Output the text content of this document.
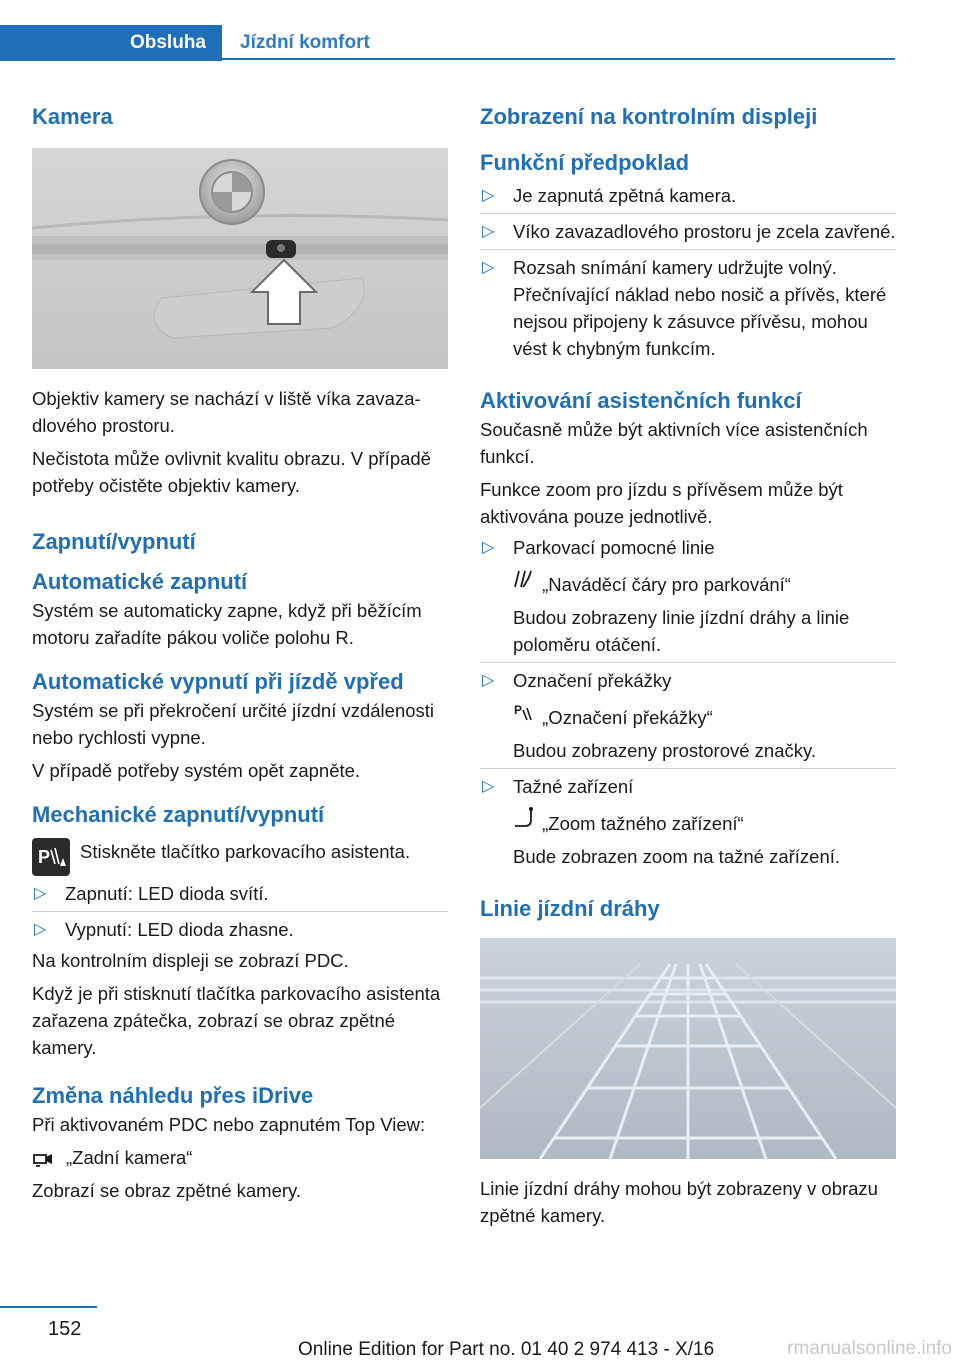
Obsluha	Jízdní komfort
Kamera
Objektiv kamery se nachází v liště víka zavazadlového prostoru.
Nečistota může ovlivnit kvalitu obrazu. V případě potřeby očistěte objektiv kamery.
Zapnutí/vypnutí
Automatické zapnutí
Systém se automaticky zapne, když při běžícím motoru zařadíte pákou voliče polohu R.
Automatické vypnutí při jízdě vpřed
Systém se při překročení určité jízdní vzdálenosti nebo rychlosti vypne.
V případě potřeby systém opět zapněte.
Mechanické zapnutí/vypnutí
P Stiskněte tlačítko parkovacího asistenta.
▷ Zapnutí: LED dioda svítí.
▷ Vypnutí: LED dioda zhasne.
Na kontrolním displeji se zobrazí PDC.
Když je při stisknutí tlačítka parkovacího asistenta zařazena zpátečka, zobrazí se obraz zpětné kamery.
Změna náhledu přes iDrive
Při aktivovaném PDC nebo zapnutém Top View:
„Zadní kamera“
Zobrazí se obraz zpětné kamery.
Zobrazení na kontrolním displeji
Funkční předpoklad
▷ Je zapnutá zpětná kamera.
▷ Víko zavazadlového prostoru je zcela zavřené.
▷ Rozsah snímání kamery udržujte volný. Přečnívající náklad nebo nosič a přívěs, které nejsou připojeny k zásuvce přívěsu, mohou vést k chybným funkcím.
Aktivování asistenčních funkcí
Současně může být aktivních více asistenčních funkcí.
Funkce zoom pro jízdu s přívěsem může být aktivována pouze jednotlivě.
▷ Parkovací pomocné linie
„Naváděcí čáry pro parkování“
Budou zobrazeny linie jízdní dráhy a linie poloměru otáčení.
▷ Označení překážky
P „Označení překážky“
Budou zobrazeny prostorové značky.
▷ Tažné zařízení
„Zoom tažného zařízení“
Bude zobrazen zoom na tažné zařízení.
Linie jízdní dráhy
Linie jízdní dráhy mohou být zobrazeny v obrazu zpětné kamery.
152
Online Edition for Part no. 01 40 2 974 413 - X/16	rmanualsonline.info
